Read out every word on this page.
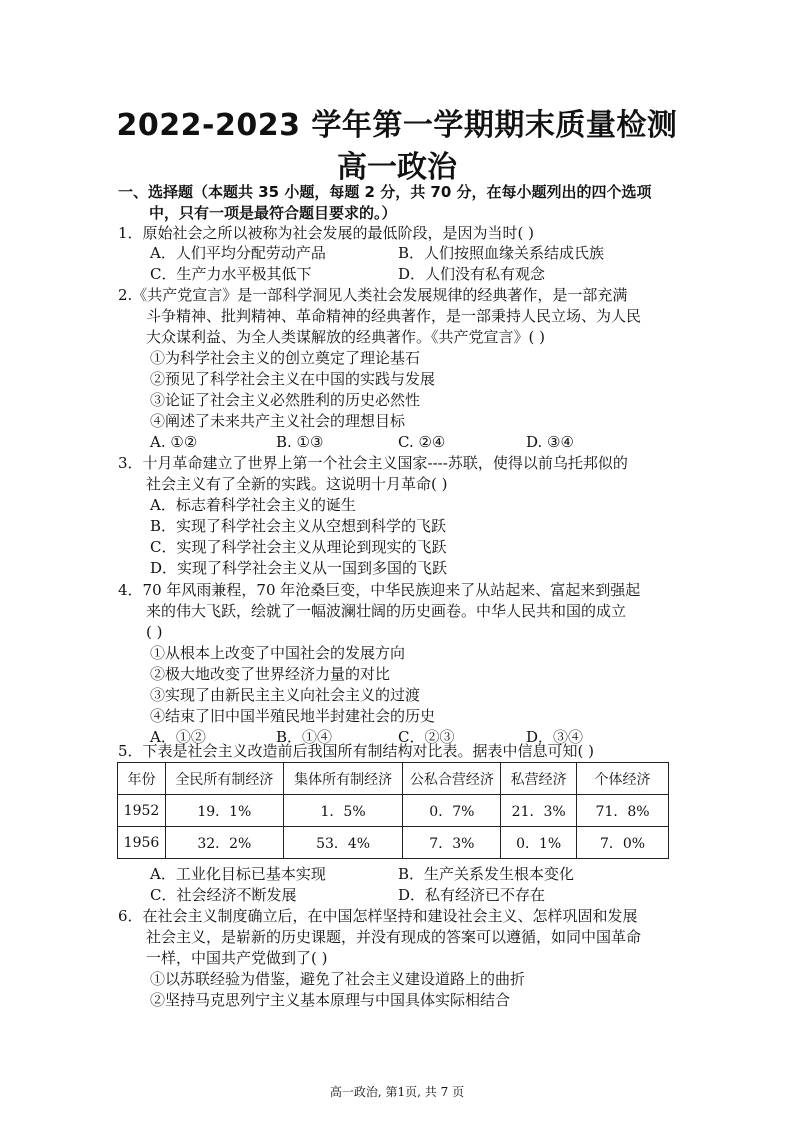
2022-2023 学年第一学期期末质量检测
高一政治
一、选择题（本题共 35 小题，每题 2 分，共 70 分，在每小题列出的四个选项
中，只有一项是最符合题目要求的。）
1．原始社会之所以被称为社会发展的最低阶段，是因为当时( )
A．人们平均分配劳动产品	B．人们按照血缘关系结成氏族
C．生产力水平极其低下	D．人们没有私有观念
2.《共产党宣言》是一部科学洞见人类社会发展规律的经典著作，是一部充满
斗争精神、批判精神、革命精神的经典著作，是一部秉持人民立场、为人民
大众谋利益、为全人类谋解放的经典著作。《共产党宣言》( )
①为科学社会主义的创立奠定了理论基石
②预见了科学社会主义在中国的实践与发展
③论证了社会主义必然胜利的历史必然性
④阐述了未来共产主义社会的理想目标
A. ①②	B. ①③	C. ②④	D. ③④
3．十月革命建立了世界上第一个社会主义国家----苏联，使得以前乌托邦似的
社会主义有了全新的实践。这说明十月革命( )
A．标志着科学社会主义的诞生
B．实现了科学社会主义从空想到科学的飞跃
C．实现了科学社会主义从理论到现实的飞跃
D．实现了科学社会主义从一国到多国的飞跃
4．70 年风雨兼程，70 年沧桑巨变，中华民族迎来了从站起来、富起来到强起
来的伟大飞跃，绘就了一幅波澜壮阔的历史画卷。中华人民共和国的成立
( )
①从根本上改变了中国社会的发展方向
②极大地改变了世界经济力量的对比
③实现了由新民主主义向社会主义的过渡
④结束了旧中国半殖民地半封建社会的历史
A．①②	B．①④	C．②③	D．③④
5．下表是社会主义改造前后我国所有制结构对比表。据表中信息可知( )
年份	全民所有制经济	集体所有制经济	公私合营经济	私营经济	个体经济
1952	19．1%	1．5%	0．7%	21．3%	71．8%
1956	32．2%	53．4%	7．3%	0．1%	7．0%
A．工业化目标已基本实现	B．生产关系发生根本变化
C．社会经济不断发展	D．私有经济已不存在
6．在社会主义制度确立后，在中国怎样坚持和建设社会主义、怎样巩固和发展
社会主义，是崭新的历史课题，并没有现成的答案可以遵循，如同中国革命
一样，中国共产党做到了( )
①以苏联经验为借鉴，避免了社会主义建设道路上的曲折
②坚持马克思列宁主义基本原理与中国具体实际相结合
高一政治, 第1页, 共 7 页
